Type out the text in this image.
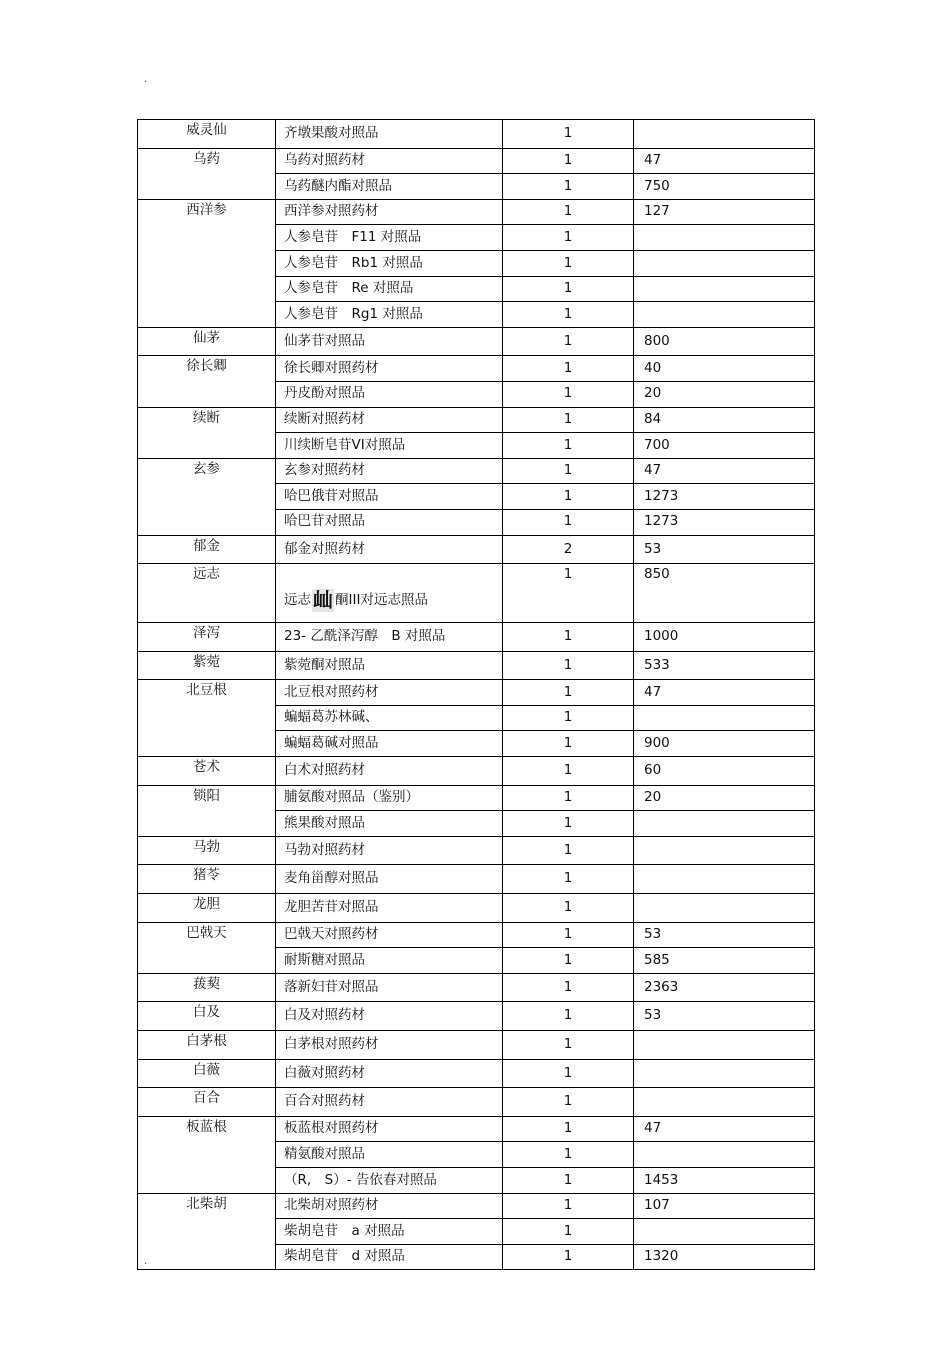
.
威灵仙	齐墩果酸对照品	1	
乌药	乌药对照药材	1	47
	乌药醚内酯对照品	1	750
西洋参	西洋参对照药材	1	127
	人参皂苷　F11 对照品	1	
	人参皂苷　Rb1 对照品	1	
	人参皂苷　Re 对照品	1	
	人参皂苷　Rg1 对照品	1	
仙茅	仙茅苷对照品	1	800
徐长卿	徐长卿对照药材	1	40
	丹皮酚对照品	1	20
续断	续断对照药材	1	84
	川续断皂苷VI对照品	1	700
玄参	玄参对照药材	1	47
	哈巴俄苷对照品	1	1273
	哈巴苷对照品	1	1273
郁金	郁金对照药材	2	53
远志	远志 屾 酮III对远志照品	1	850
泽泻	23- 乙酰泽泻醇　B 对照品	1	1000
紫菀	紫菀酮对照品	1	533
北豆根	北豆根对照药材	1	47
	蝙蝠葛苏林碱、	1	
	蝙蝠葛碱对照品	1	900
苍术	白术对照药材	1	60
锁阳	脯氨酸对照品（鉴别）	1	20
	熊果酸对照品	1	
马勃	马勃对照药材	1	
猪苓	麦角甾醇对照品	1	
龙胆	龙胆苦苷对照品	1	
巴戟天	巴戟天对照药材	1	53
	耐斯糖对照品	1	585
菝葜	落新妇苷对照品	1	2363
白及	白及对照药材	1	53
白茅根	白茅根对照药材	1	
白薇	白薇对照药材	1	
百合	百合对照药材	1	
板蓝根	板蓝根对照药材	1	47
	精氨酸对照品	1	
	（R,　S）- 告依春对照品	1	1453
北柴胡	北柴胡对照药材	1	107
	柴胡皂苷　a 对照品	1	
	柴胡皂苷　d 对照品	1	1320
.
